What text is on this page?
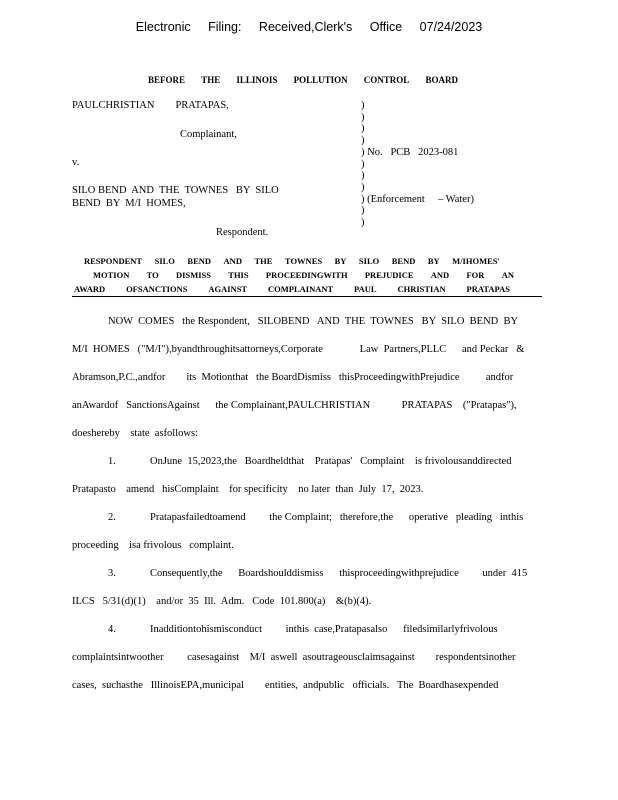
Electronic Filing: Received,Clerk's Office 07/24/2023
BEFORE THE ILLINOIS POLLUTION CONTROL BOARD
PAULCHRISTIAN        PRATAPAS,
Complainant,
v.
SILO BEND  AND  THE  TOWNES   BY  SILO
BEND  BY  M/I  HOMES,
Respondent.
)
)
)
)
) No.   PCB   2023-081
)
)
)
) (Enforcement     – Water)
)
)
RESPONDENT SILO BEND AND THE TOWNES BY SILO BEND BY M/IHOMES'
MOTION TO DISMISS THIS PROCEEDINGWITH PREJUDICE AND FOR AN
AWARD OFSANCTIONS AGAINST COMPLAINANT PAUL CHRISTIAN PRATAPAS
NOW  COMES   the Respondent,   SILOBEND   AND  THE  TOWNES   BY  SILO  BEND  BY
M/I  HOMES   ("M/I"),byandthroughitsattorneys,Corporate              Law  Partners,PLLC      and Peckar   &
Abramson,P.C.,andfor        its  Motionthat   the BoardDismiss   thisProceedingwithPrejudice          andfor
anAwardof   SanctionsAgainst      the Complainant,PAULCHRISTIAN            PRATAPAS    ("Pratapas"),
doeshereby    state  asfollows:
1.	OnJune  15,2023,the   Boardheldthat    Pratapas'   Complaint    is frivolousanddirected
Pratapasto    amend   hisComplaint    for specificity    no later  than  July  17,  2023.
2.	Pratapasfailedtoamend         the Complaint;   therefore,the      operative   pleading   inthis
proceeding    isa frivolous   complaint.
3.	Consequently,the      Boardshoulddismiss      thisproceedingwithprejudice         under  415
ILCS   5/31(d)(1)    and/or  35  Ill.  Adm.   Code  101.800(a)    &(b)(4).
4.	Inadditiontohismisconduct         inthis  case,Pratapasalso      filedsimilarlyfrivolous
complaintsintwoother         casesagainst    M/I  aswell  asoutrageousclaimsagainst        respondentsinother
cases,  suchasthe   IllinoisEPA,municipal        entities,  andpublic   officials.   The  Boardhasexpended
